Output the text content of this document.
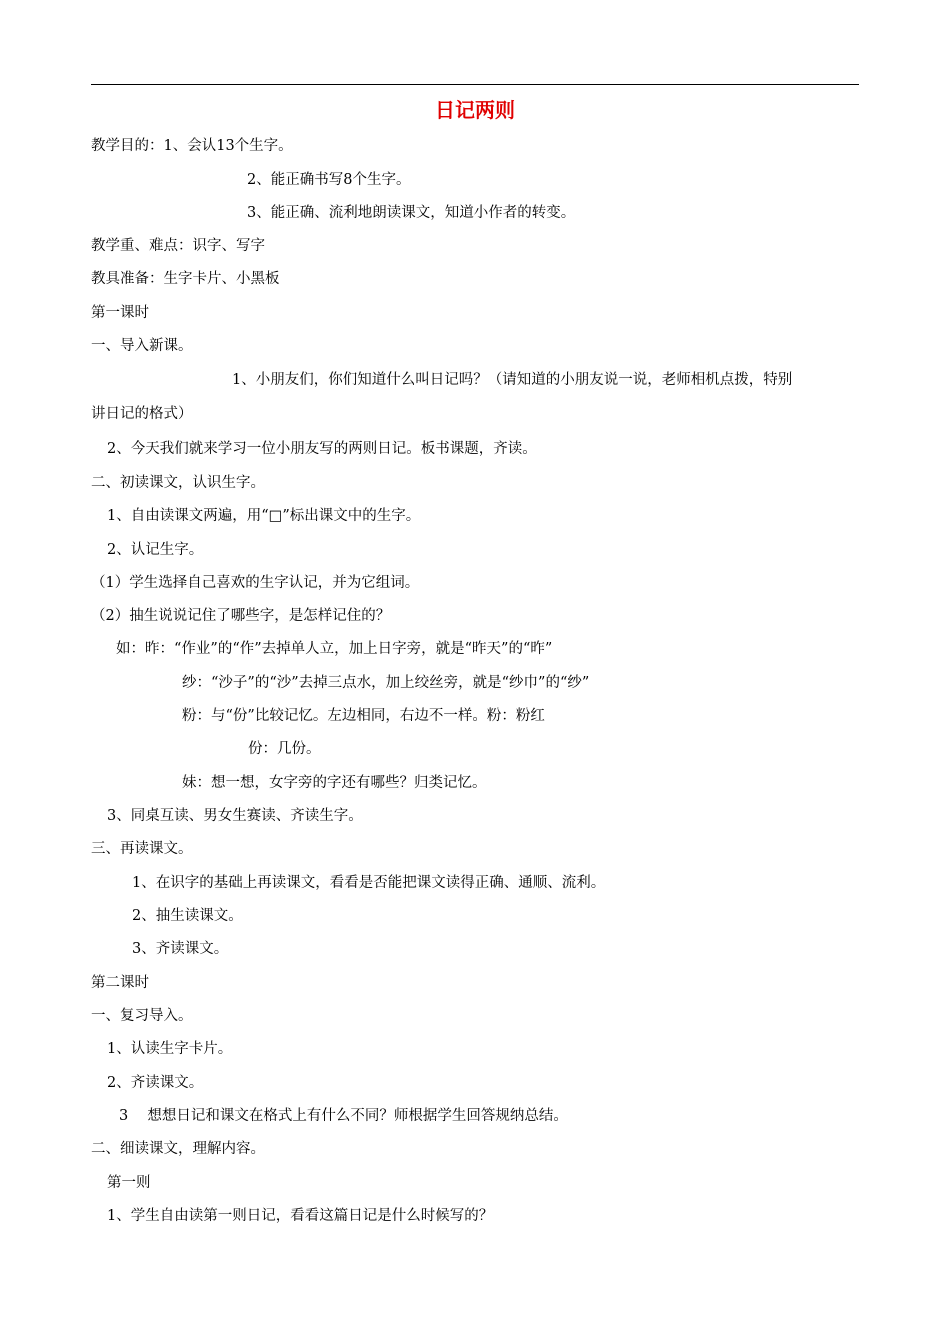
日记两则
教学目的：1、会认13个生字。
2、能正确书写8个生字。
3、能正确、流利地朗读课文，知道小作者的转变。
教学重、难点：识字、写字
教具准备：生字卡片、小黑板
第一课时
一、导入新课。
1、小朋友们，你们知道什么叫日记吗？（请知道的小朋友说一说，老师相机点拨，特别
讲日记的格式）
2、今天我们就来学习一位小朋友写的两则日记。板书课题，齐读。
二、初读课文，认识生字。
1、自由读课文两遍，用“□”标出课文中的生字。
2、认记生字。
（1）学生选择自己喜欢的生字认记，并为它组词。
（2）抽生说说记住了哪些字，是怎样记住的？
如：昨：“作业”的“作”去掉单人立，加上日字旁，就是“昨天”的“昨”
纱：“沙子”的“沙”去掉三点水，加上绞丝旁，就是“纱巾”的“纱”
粉：与“份”比较记忆。左边相同，右边不一样。粉：粉红
份：几份。
妹：想一想，女字旁的字还有哪些？归类记忆。
3、同桌互读、男女生赛读、齐读生字。
三、再读课文。
1、在识字的基础上再读课文，看看是否能把课文读得正确、通顺、流利。
2、抽生读课文。
3、齐读课文。
第二课时
一、复习导入。
1、认读生字卡片。
2、齐读课文。
3　 想想日记和课文在格式上有什么不同？师根据学生回答规纳总结。
二、细读课文，理解内容。
第一则
1、学生自由读第一则日记，看看这篇日记是什么时候写的？
